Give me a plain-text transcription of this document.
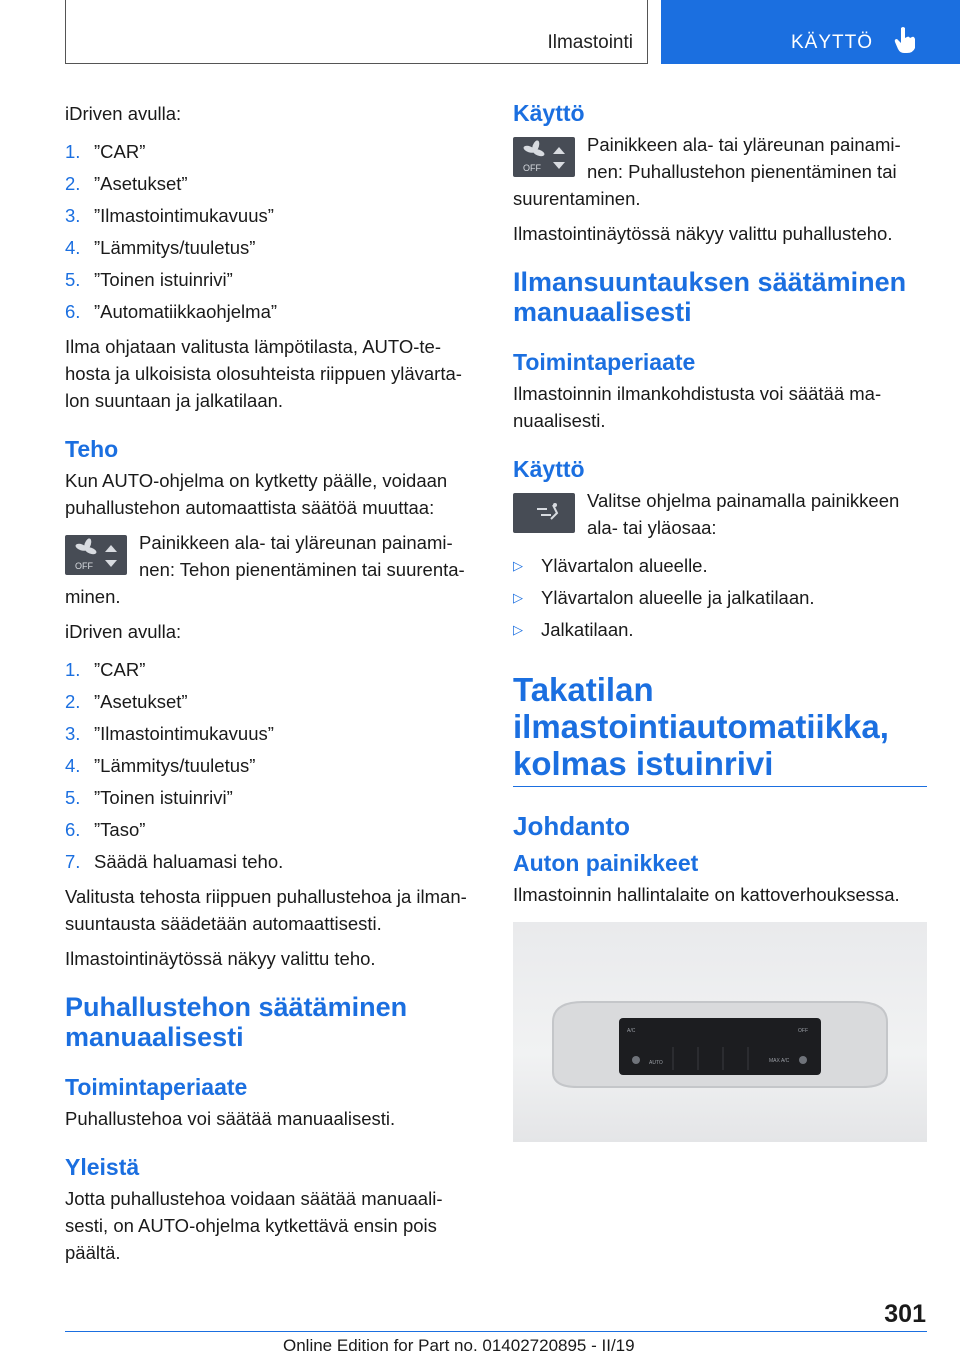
Ilmastointi	KÄYTTÖ

iDriven avulla:

1. ”CAR”
2. ”Asetukset”
3. ”Ilmastointimukavuus”
4. ”Lämmitys/tuuletus”
5. ”Toinen istuinrivi”
6. ”Automatiikkaohjelma”

Ilma ohjataan valitusta lämpötilasta, AUTO-tehosta ja ulkoisista olosuhteista riippuen ylävartalon suuntaan ja jalkatilaan.

Teho

Kun AUTO-ohjelma on kytketty päälle, voidaan puhallustehon automaattista säätöä muuttaa:

OFF
Painikkeen ala- tai yläreunan painaminen: Tehon pienentäminen tai suurentaminen.

iDriven avulla:

1. ”CAR”
2. ”Asetukset”
3. ”Ilmastointimukavuus”
4. ”Lämmitys/tuuletus”
5. ”Toinen istuinrivi”
6. ”Taso”
7. Säädä haluamasi teho.

Valitusta tehosta riippuen puhallustehoa ja ilmansuuntausta säädetään automaattisesti.

Ilmastointinäytössä näkyy valittu teho.

Puhallustehon säätäminen manuaalisesti
Toimintaperiaate

Puhallustehoa voi säätää manuaalisesti.

Yleistä

Jotta puhallustehoa voidaan säätää manuaalisesti, on AUTO-ohjelma kytkettävä ensin pois päältä.

Käyttö
OFF
Painikkeen ala- tai yläreunan painaminen: Puhallustehon pienentäminen tai suurentaminen.

Ilmastointinäytössä näkyy valittu puhallusteho.

Ilmansuuntauksen säätäminen manuaalisesti
Toimintaperiaate

Ilmastoinnin ilmankohdistusta voi säätää manuaalisesti.

Käyttö
Valitse ohjelma painamalla painikkeen ala- tai yläosaa:
▷ Ylävartalon alueelle.
▷ Ylävartalon alueelle ja jalkatilaan.
▷ Jalkatilaan.
Takatilan ilmastointiautomatiikka, kolmas istuinrivi
Johdanto
Auton painikkeet

Ilmastoinnin hallintalaite on kattoverhouksessa.

A/C	OFF
AUTO	MAX A/C
301
Online Edition for Part no. 01402720895 - II/19
